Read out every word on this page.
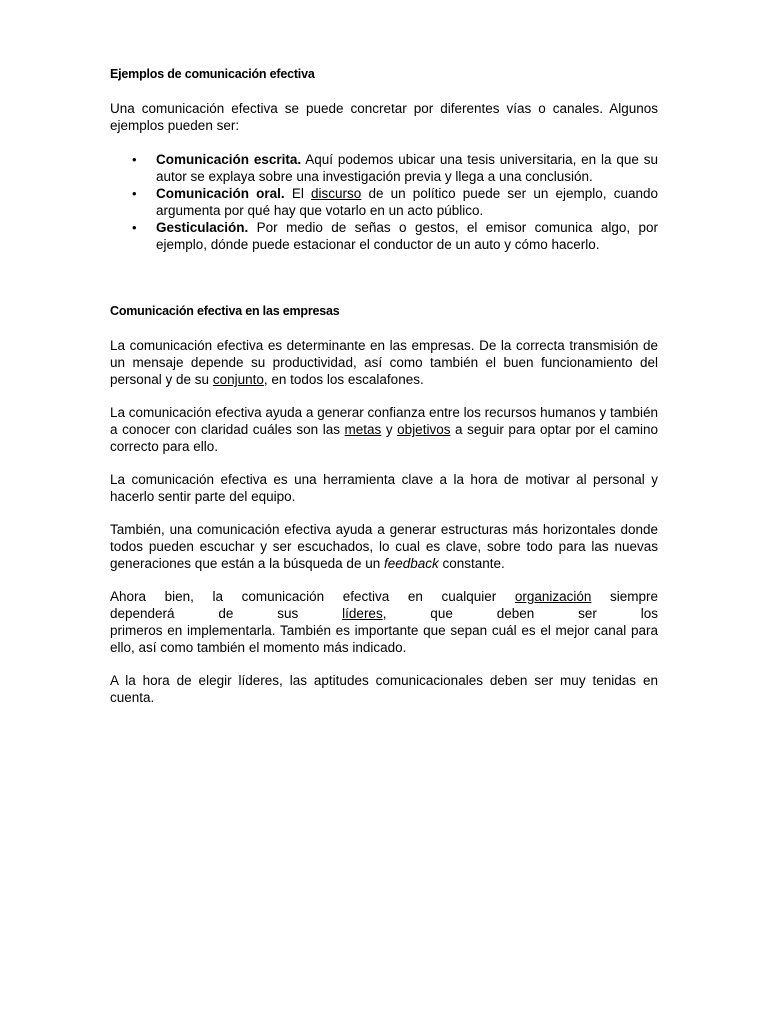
Ejemplos de comunicación efectiva

Una comunicación efectiva se puede concretar por diferentes vías o canales. Algunos ejemplos pueden ser:

• Comunicación escrita. Aquí podemos ubicar una tesis universitaria, en la que su autor se explaya sobre una investigación previa y llega a una conclusión.
• Comunicación oral. El discurso de un político puede ser un ejemplo, cuando argumenta por qué hay que votarlo en un acto público.
• Gesticulación. Por medio de señas o gestos, el emisor comunica algo, por ejemplo, dónde puede estacionar el conductor de un auto y cómo hacerlo.
Comunicación efectiva en las empresas

La comunicación efectiva es determinante en las empresas. De la correcta transmisión de un mensaje depende su productividad, así como también el buen funcionamiento del personal y de su conjunto, en todos los escalafones.

La comunicación efectiva ayuda a generar confianza entre los recursos humanos y también a conocer con claridad cuáles son las metas y objetivos a seguir para optar por el camino correcto para ello.

La comunicación efectiva es una herramienta clave a la hora de motivar al personal y hacerlo sentir parte del equipo.

También, una comunicación efectiva ayuda a generar estructuras más horizontales donde todos pueden escuchar y ser escuchados, lo cual es clave, sobre todo para las nuevas generaciones que están a la búsqueda de un feedback constante.

Ahora bien, la comunicación efectiva en cualquier organización siempre

dependerá	de sus líderes, que deben	ser los

primeros en implementarla. También es importante que sepan cuál es el mejor canal para ello, así como también el momento más indicado.

A la hora de elegir líderes, las aptitudes comunicacionales deben ser muy tenidas en cuenta.
